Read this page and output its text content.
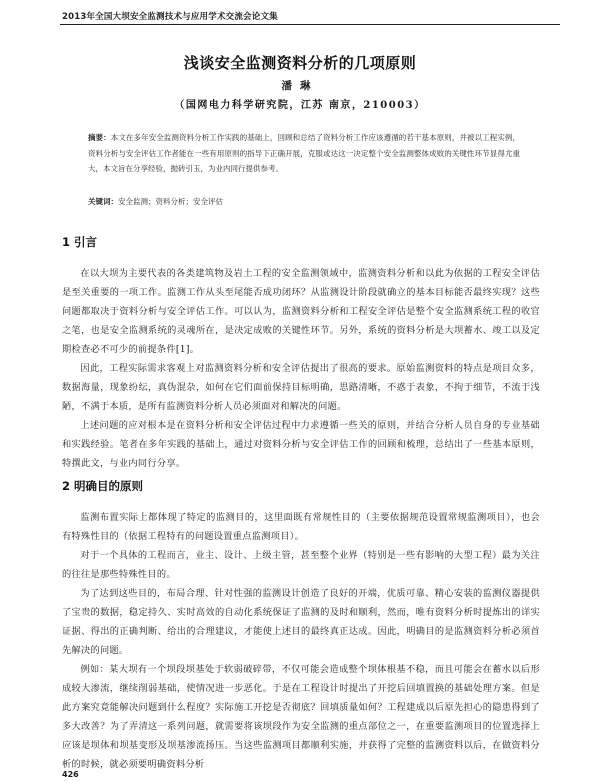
2013年全国大坝安全监测技术与应用学术交流会论文集
浅谈安全监测资料分析的几项原则
潘琳
（国网电力科学研究院，江苏 南京，210003）
摘要：本文在多年安全监测资料分析工作实践的基础上，回顾和总结了资料分析工作应该遵循的若干基本原则，并被以工程实例，资料分析与安全评估工作者能在一些有用原则的指导下正确开展，克服或达这一决定整个安全监测整体成败的关键性环节显得尤重大，本文旨在分享经验，抛砖引玉，为业内同行提供参考。
关键词：安全监测；资料分析；安全评估
1 引言
在以大坝为主要代表的各类建筑物及岩土工程的安全监测领域中，监测资料分析和以此为依据的工程安全评估是至关重要的一项工作。监测工作从头至尾能否成功闭环？从监测设计阶段就确立的基本目标能否最终实现？这些问题都取决于资料分析与安全评估工作。可以认为，监测资料分析和工程安全评估是整个安全监测系统工程的收官之笔，也是安全监测系统的灵魂所在，是决定成败的关键性环节。另外，系统的资料分析是大坝蓄水、竣工以及定期检查必不可少的前提条件[1]。
因此，工程实际需求客观上对监测资料分析和安全评估提出了很高的要求。原始监测资料的特点是项目众多，数据海量，现象纷纭，真伪混杂，如何在它们面前保持目标明确，思路清晰，不惑于表象，不拘于细节，不流于浅陋，不满于本质，是所有监测资料分析人员必须面对和解决的问题。
上述问题的应对根本是在资料分析和安全评估过程中力求遵循一些关的原则，并结合分析人员自身的专业基础和实践经验。笔者在多年实践的基础上，通过对资料分析与安全评估工作的回顾和梳理，总结出了一些基本原则，特撰此文，与业内同行分享。
2 明确目的原则
监测布置实际上都体现了特定的监测目的，这里面既有常规性目的（主要依据规范设置常规监测项目），也会有特殊性目的（依据工程特有的问题设置重点监测项目）。
对于一个具体的工程而言，业主、设计、上级主管，甚至整个业界（特别是一些有影响的大型工程）最为关注的往往是那些特殊性目的。
为了达到这些目的，布局合理、针对性强的监测设计创造了良好的开端，优质可靠、精心安装的监测仪器提供了宝贵的数据，稳定持久、实时高效的自动化系统保证了监测的及时和顺利，然而，唯有资料分析时提炼出的详实证据、得出的正确判断、给出的合理建议，才能使上述目的最终真正达成。因此，明确目的是监测资料分析必须首先解决的问题。
例如：某大坝有一个坝段坝基处于软弱破碎带，不仅可能会造成整个坝体根基不稳，而且可能会在蓄水以后形成较大渗流，继续削弱基础，使情况进一步恶化。于是在工程设计时提出了开挖后回填置换的基础处理方案。但是此方案究竟能解决问题到什么程度？实际施工开挖是否彻底？回填质量如何？工程建成以后原先担心的隐患得到了多大改善？为了弄清这一系列问题，就需要将该坝段作为安全监测的重点部位之一，在重要监测项目的位置选择上应该是坝体和坝基变形及坝基渗流扬压。当这些监测项目都顺利实施，并获得了完整的监测资料以后，在做资料分析的时候，就必须要明确资料分析
426
